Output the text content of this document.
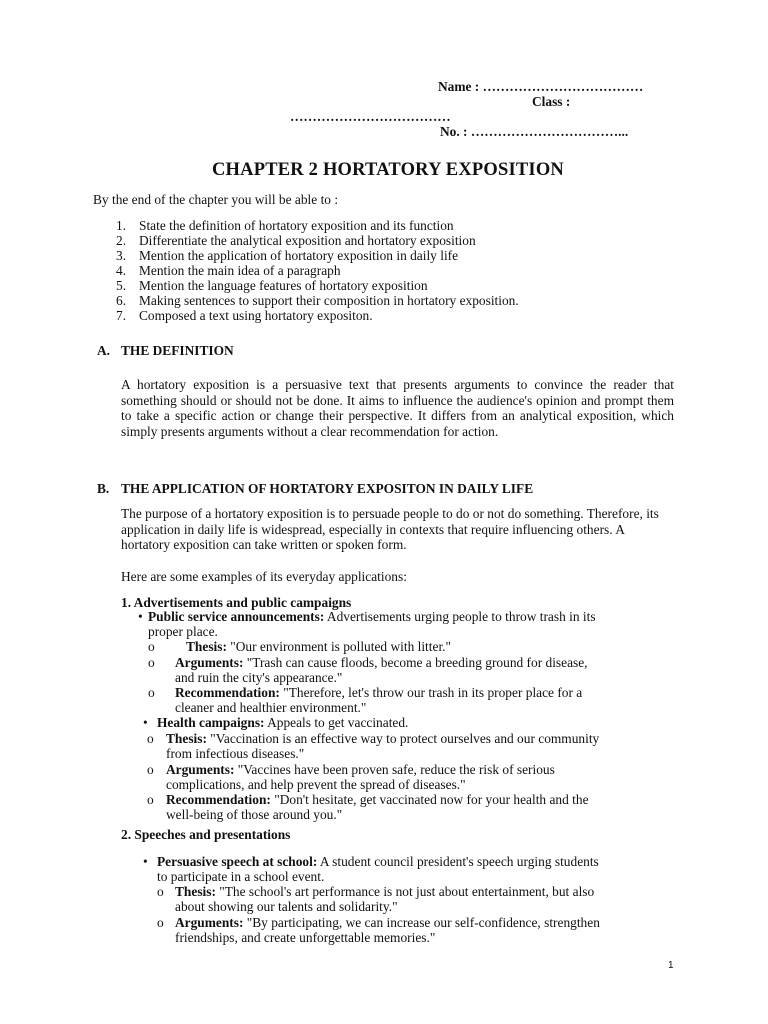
Name : ………………………………
Class :
………………………………
No. : ……………………………...
CHAPTER 2 HORTATORY EXPOSITION
By the end of the chapter you will be able to :
1. State the definition of hortatory exposition and its function
2. Differentiate the analytical exposition and hortatory exposition
3. Mention the application of hortatory exposition in daily life
4. Mention the main idea of a paragraph
5. Mention the language features of hortatory exposition
6. Making sentences to support their composition in hortatory exposition.
7. Composed a text using hortatory expositon.
A. THE DEFINITION
A hortatory exposition is a persuasive text that presents arguments to convince the reader that something should or should not be done. It aims to influence the audience's opinion and prompt them to take a specific action or change their perspective. It differs from an analytical exposition, which simply presents arguments without a clear recommendation for action.
B. THE APPLICATION OF HORTATORY EXPOSITON IN DAILY LIFE
The purpose of a hortatory exposition is to persuade people to do or not do something. Therefore, its application in daily life is widespread, especially in contexts that require influencing others. A hortatory exposition can take written or spoken form.
Here are some examples of its everyday applications:
1. Advertisements and public campaigns
• Public service announcements: Advertisements urging people to throw trash in its
proper place.
o Thesis: "Our environment is polluted with litter."
o Arguments: "Trash can cause floods, become a breeding ground for disease,
and ruin the city's appearance."
o Recommendation: "Therefore, let's throw our trash in its proper place for a
cleaner and healthier environment."
• Health campaigns: Appeals to get vaccinated.
o Thesis: "Vaccination is an effective way to protect ourselves and our community
from infectious diseases."
o Arguments: "Vaccines have been proven safe, reduce the risk of serious
complications, and help prevent the spread of diseases."
o Recommendation: "Don't hesitate, get vaccinated now for your health and the
well-being of those around you."
2. Speeches and presentations
• Persuasive speech at school: A student council president's speech urging students
to participate in a school event.
o Thesis: "The school's art performance is not just about entertainment, but also
about showing our talents and solidarity."
o Arguments: "By participating, we can increase our self-confidence, strengthen
friendships, and create unforgettable memories."
1
